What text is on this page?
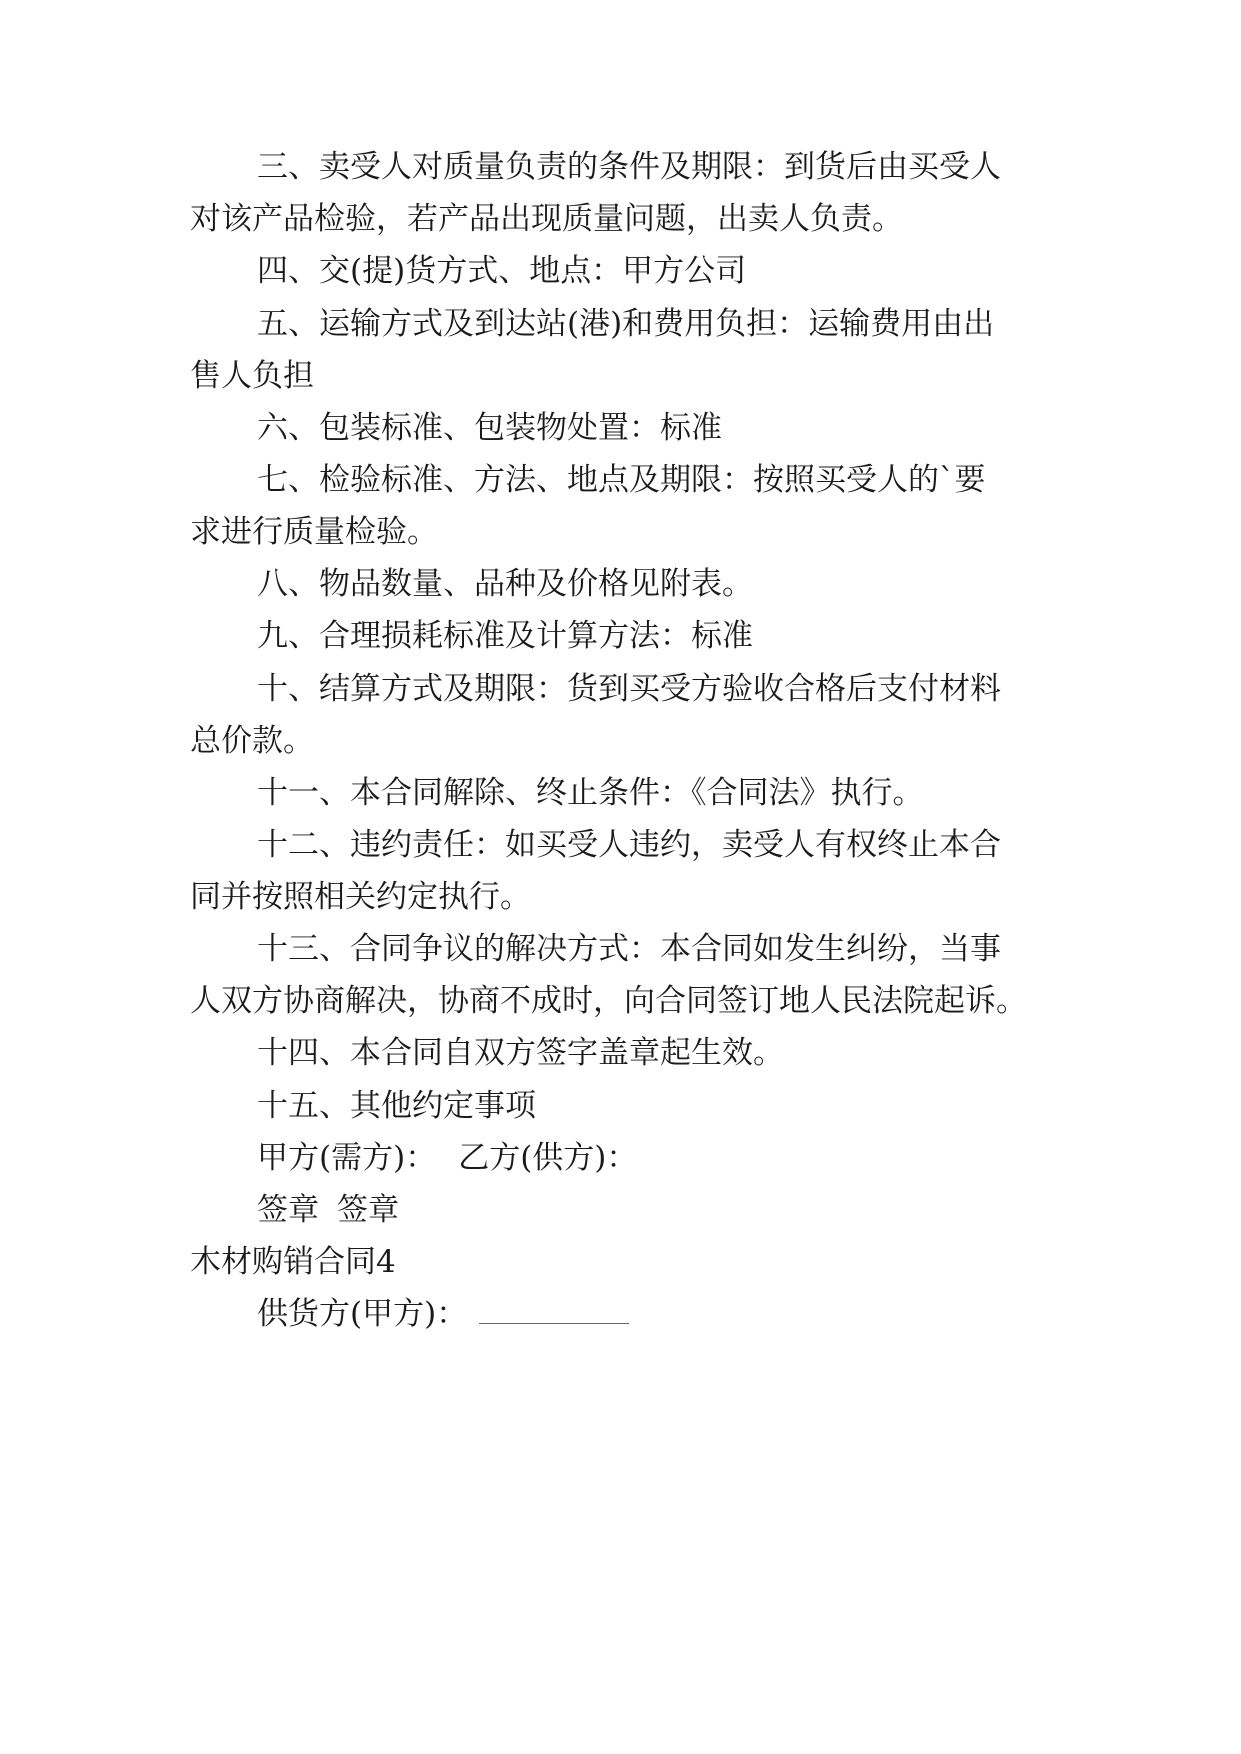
三、卖受人对质量负责的条件及期限：到货后由买受人
对该产品检验，若产品出现质量问题，出卖人负责。
四、交(提)货方式、地点：甲方公司
五、运输方式及到达站(港)和费用负担：运输费用由出
售人负担
六、包装标准、包装物处置：标准
七、检验标准、方法、地点及期限：按照买受人的`要
求进行质量检验。
八、物品数量、品种及价格见附表。
九、合理损耗标准及计算方法：标准
十、结算方式及期限：货到买受方验收合格后支付材料
总价款。
十一、本合同解除、终止条件：《合同法》执行。
十二、违约责任：如买受人违约，卖受人有权终止本合
同并按照相关约定执行。
十三、合同争议的解决方式：本合同如发生纠纷，当事
人双方协商解决，协商不成时，向合同签订地人民法院起诉。
十四、本合同自双方签字盖章起生效。
十五、其他约定事项
甲方(需方)： 乙方(供方)：
签章 签章
木材购销合同4
供货方(甲方)：
